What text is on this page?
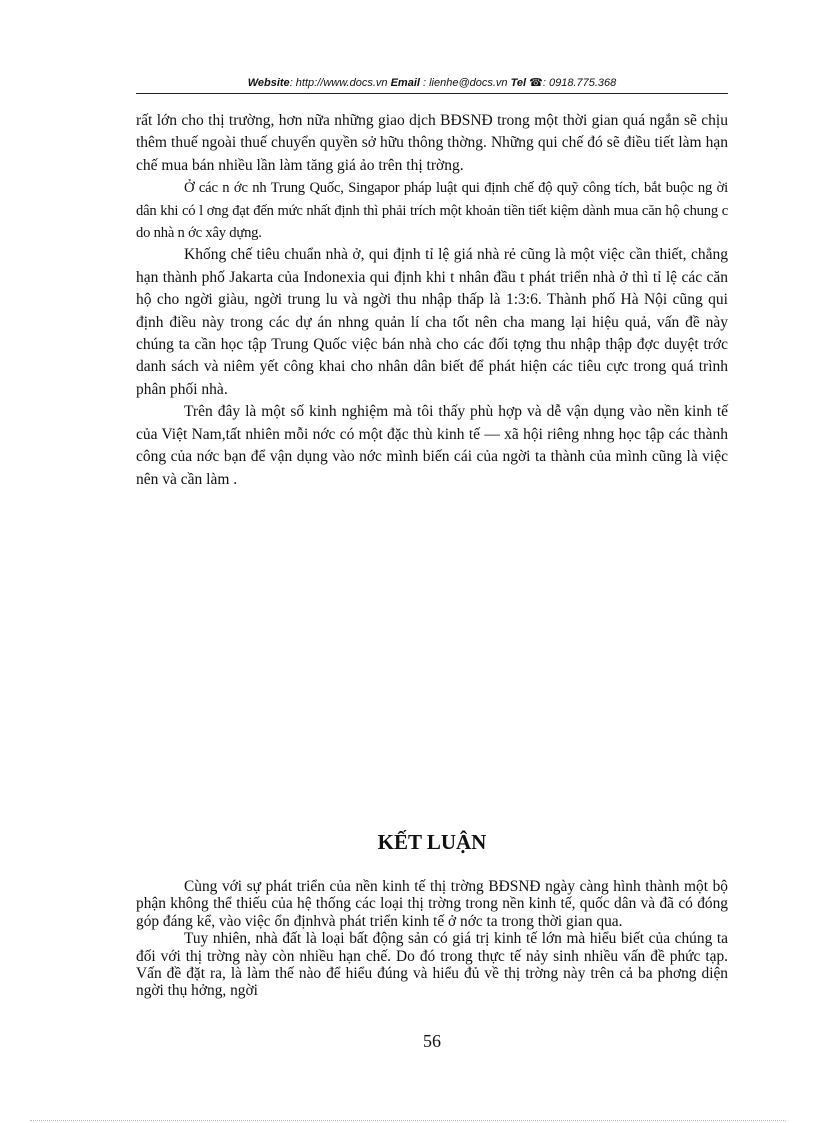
Website: http://www.docs.vn Email : lienhe@docs.vn Tel ☎: 0918.775.368

rất lớn cho thị trường, hơn nữa những giao dịch BĐSNĐ trong một thời gian quá ngắn sẽ chịu thêm thuế ngoài thuế chuyển quyền sở hữu thông thờng. Những qui chế đó sẽ điều tiết làm hạn chế mua bán nhiều lần làm tăng giá ảo trên thị trờng.

Ở các n ớc nh Trung Quốc, Singapor pháp luật qui định chế độ quỹ công tích, bắt buộc ng ời dân khi có l ơng đạt đến mức nhất định thì phải trích một khoản tiền tiết kiệm dành mua căn hộ chung c do nhà n ớc xây dựng.

Khống chế tiêu chuẩn nhà ở, qui định tỉ lệ giá nhà rẻ cũng là một việc cần thiết, chẳng hạn thành phố Jakarta của Indonexia qui định khi t nhân đầu t phát triển nhà ở thì tỉ lệ các căn hộ cho ngời giàu, ngời trung lu và ngời thu nhập thấp là 1:3:6. Thành phố Hà Nội cũng qui định điều này trong các dự án nhng quản lí cha tốt nên cha mang lại hiệu quả, vấn đề này chúng ta cần học tập Trung Quốc việc bán nhà cho các đối tợng thu nhập thập đợc duyệt trớc danh sách và niêm yết công khai cho nhân dân biết để phát hiện các tiêu cực trong quá trình phân phối nhà.

Trên đây là một số kinh nghiệm mà tôi thấy phù hợp và dễ vận dụng vào nền kinh tế của Việt Nam,tất nhiên mỗi nớc có một đặc thù kinh tế — xã hội riêng nhng học tập các thành công của nớc bạn để vận dụng vào nớc mình biến cái của ngời ta thành của mình cũng là việc nên và cần làm .

KẾT LUẬN

Cùng với sự phát triển của nền kinh tế thị trờng BĐSNĐ ngày càng hình thành một bộ phận không thể thiếu của hệ thống các loại thị trờng trong nền kinh tế, quốc dân và đã có đóng góp đáng kể, vào việc ổn địnhvà phát triển kinh tế ở nớc ta trong thời gian qua.

Tuy nhiên, nhà đất là loại bất động sản có giá trị kinh tế lớn mà hiểu biết của chúng ta đối với thị trờng này còn nhiều hạn chế. Do đó trong thực tế nảy sinh nhiều vấn đề phức tạp. Vấn đề đặt ra, là làm thế nào để hiểu đúng và hiểu đủ về thị trờng này trên cả ba phơng diện ngời thụ hởng, ngời

56
